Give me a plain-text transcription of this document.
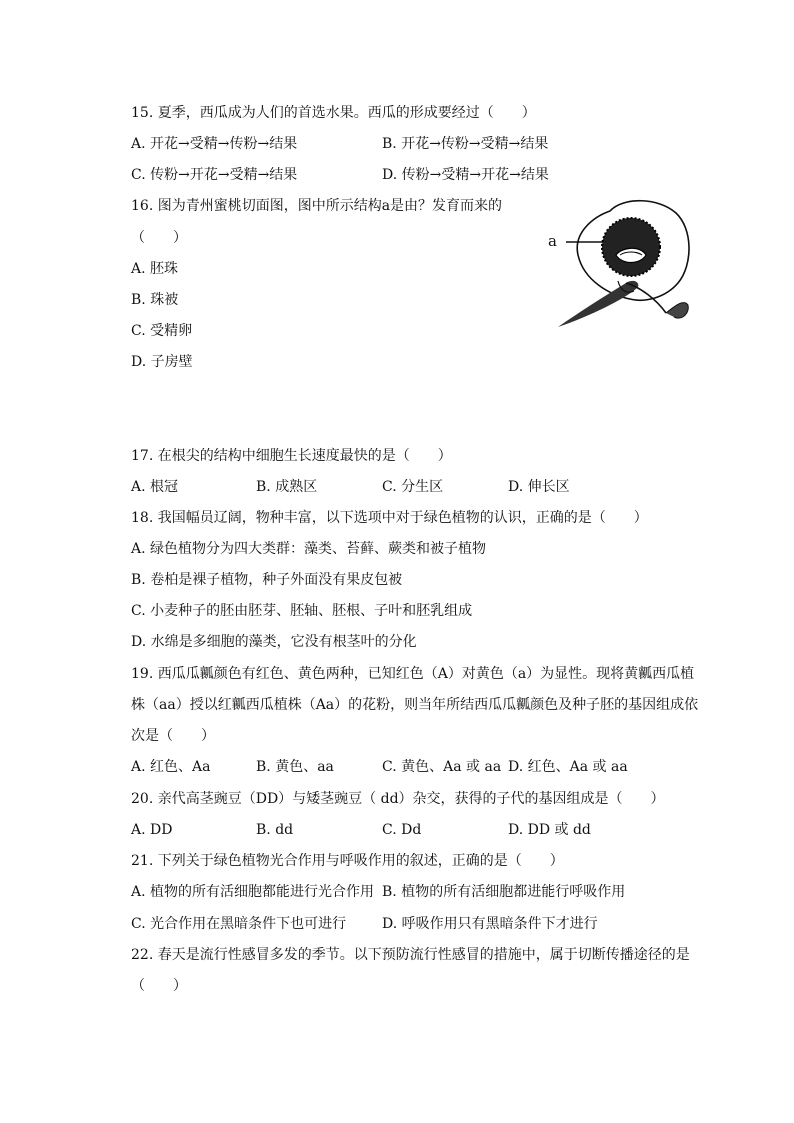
15. 夏季，西瓜成为人们的首选水果。西瓜的形成要经过（　　）
A. 开花→受精→传粉→结果	B. 开花→传粉→受精→结果
C. 传粉→开花→受精→结果	D. 传粉→受精→开花→结果
16. 图为青州蜜桃切面图，图中所示结构a是由？发育而来的
（　　）
A. 胚珠
B. 珠被
C. 受精卵
D. 子房壁
a
17. 在根尖的结构中细胞生长速度最快的是（　　）
A. 根冠	B. 成熟区	C. 分生区	D. 伸长区
18. 我国幅员辽阔，物种丰富，以下选项中对于绿色植物的认识，正确的是（　　）
A. 绿色植物分为四大类群：藻类、苔藓、蕨类和被子植物
B. 卷柏是裸子植物，种子外面没有果皮包被
C. 小麦种子的胚由胚芽、胚轴、胚根、子叶和胚乳组成
D. 水绵是多细胞的藻类，它没有根茎叶的分化
19. 西瓜瓜瓤颜色有红色、黄色两种，已知红色（A）对黄色（a）为显性。现将黄瓤西瓜植
株（aa）授以红瓤西瓜植株（Aa）的花粉，则当年所结西瓜瓜瓤颜色及种子胚的基因组成依
次是（　　）
A. 红色、Aa	B. 黄色、aa	C. 黄色、Aa 或 aa D. 红色、Aa 或 aa
20. 亲代高茎豌豆（DD）与矮茎豌豆（ dd）杂交，获得的子代的基因组成是（　　）
A. DD	B. dd	C. Dd	D. DD 或 dd
21. 下列关于绿色植物光合作用与呼吸作用的叙述，正确的是（　　）
A. 植物的所有活细胞都能进行光合作用 B. 植物的所有活细胞都进能行呼吸作用
C. 光合作用在黑暗条件下也可进行	D. 呼吸作用只有黑暗条件下才进行
22. 春天是流行性感冒多发的季节。以下预防流行性感冒的措施中，属于切断传播途径的是
（　　）
